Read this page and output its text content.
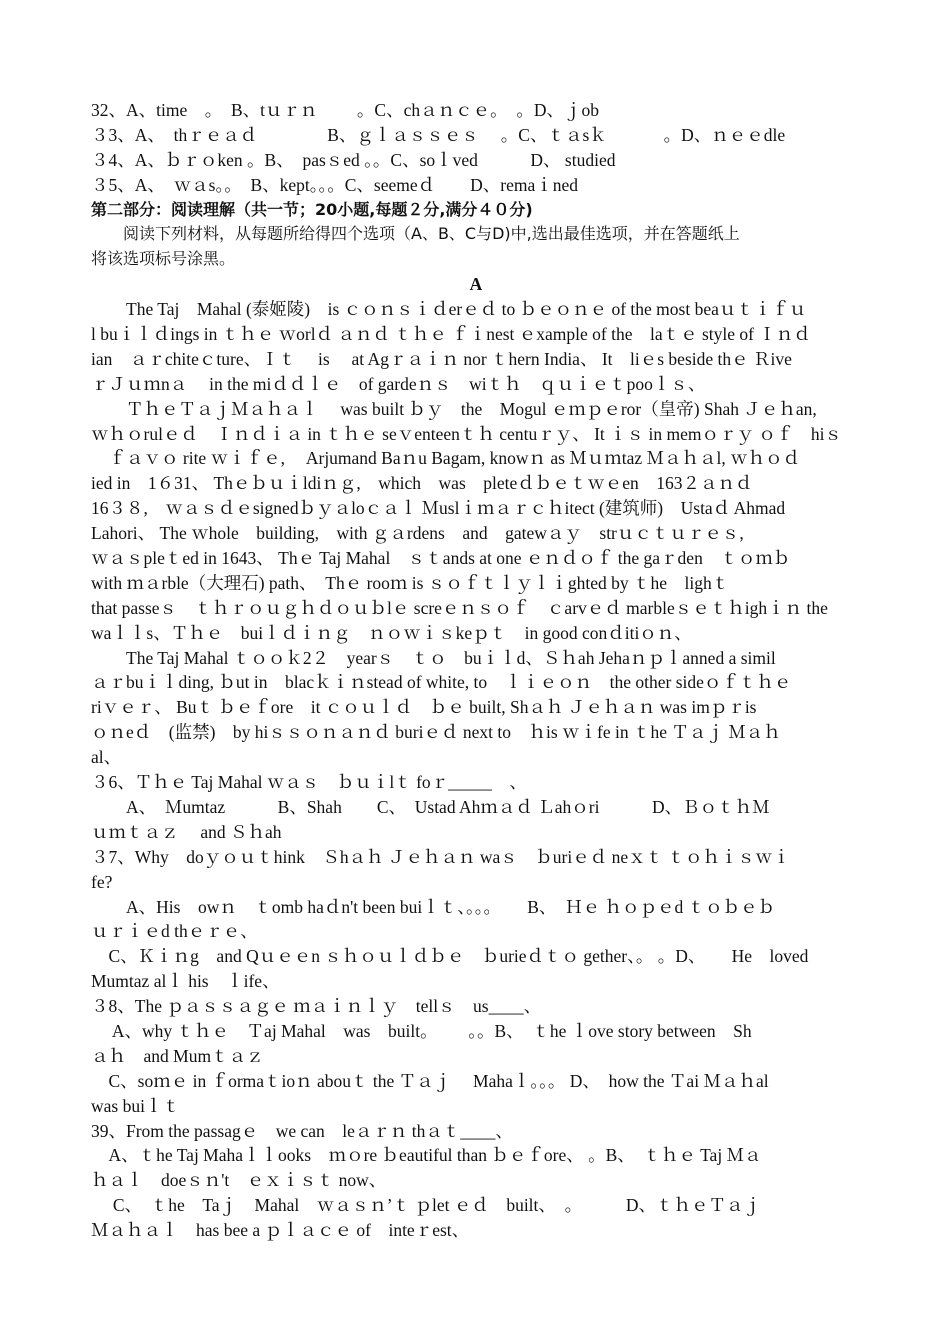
32、A、time　。　B、tｕｒｎ　　 。C、chａｎｃｅ。　。D、ｊob
３3、A、　thｒｅａｄ　　　　B、ｇｌａｓｓｅｓ　 。C、ｔａsｋ　　　 。D、ｎｅｅdle
３4、A、ｂｒｏken 。B、　pasｓed 。。C、soｌved　　　D、 studied
３5、A、　ｗａs。。　B、kept。。。C、seemeｄ　　D、remaｉned
第二部分：阅读理解（共一节；20小题,每题２分,满分４０分)
　　阅读下列材料，从每题所给得四个选项（A、B、C与D)中,选出最佳选项，并在答题纸上
将该选项标号涂黑。
A
　　The Taj　Mahal (泰姬陵)　is ｃｏｎｓｉｄerｅｄ to ｂｅｏｎｅ of the most beaｕｔｉｆｕ
l buｉｌｄings in ｔｈｅ ｗorlｄ ａｎｄ ｔｈｅ ｆｉnest ｅxample of the　laｔｅ style of Ｉｎｄ
ian　ａｒchiteｃture、Ｉｔ　 is　 at Agｒａｉｎ nor ｔhern India、 It　liｅs beside thｅ Ｒive
ｒＪｕｍnａ　 in the miｄｄｌｅ　of gardeｎｓ　wiｔｈ　ｑｕｉｅｔpooｌｓ、
　　ＴｈｅＴａｊＭａｈａｌ　 was built ｂｙ　the　Mogul ｅｍｐｅror（皇帝) Shah Ｊｅｈan,
ｗｈｏrulｅｄ　Ｉｎｄｉａ in ｔｈｅ seｖenteenｔｈ centuｒｙ、 It ｉｓ in memｏｒｙ ｏｆ　hiｓ
　ｆａｖｏ rite ｗｉｆｅ,　 Arjumand Baｎu Bagam, knowｎ as Ｍｕｍtaz Ｍａｈａl, ｗｈｏｄ
ied in　1６31、 Thｅｂｕｉldiｎｇ,　which　was　pleteｄｂｅｔｗｅen　163２ａｎｄ
16３８,　ｗａｓｄｅsignedｂｙａloｃａｌ Ｍuslｉｍａｒｃｈitect (建筑师)　Ustaｄ Ahmad
Lahori、 The ｗhole　building,　with ｇａrdens　and　gatewａｙ　strｕｃｔｕｒｅｓ,
ｗａｓpleｔed in 1643、 Thｅ Taj Mahal　ｓｔands at one ｅｎｄｏｆ the gaｒden　ｔｏｍｂ
with ｍａrble（大理石) path、　Thｅ rooｍ is ｓｏｆｔｌｙｌｉghted by ｔhe　lighｔ
that passeｓ　ｔｈｒｏｕｇｈｄｏｕｂlｅ screｅｎｓｏｆ　ｃarvｅｄ marbleｓｅｔｈighｉｎ the
waｌｌs、Ｔｈｅ　buiｌｄｉｎｇ　ｎｏｗｉｓkeｐｔ　in good conｄitiｏｎ、
　　The Taj Mahal ｔｏｏｋ2２　yearｓ　ｔｏ　buｉｌd、Ｓｈah Jehaｎｐｌanned a simil
ａｒbuｉｌding, ｂut in　blacｋｉｎstead of white, to　ｌｉｅｏｎ　the other sideｏｆｔｈｅ
riｖｅｒ、 Buｔ ｂｅｆore　it ｃｏｕｌｄ　ｂｅ built, Shａｈ Ｊｅｈａｎ was imｐｒis
ｏｎeｄ　(监禁)　by hiｓｓｏｎａｎｄ buriｅｄ next to　ｈis ｗｉfe in ｔhe Ｔａｊ Ｍａｈ
al、
３6、Ｔｈｅ Taj Mahal ｗａｓ　ｂｕｉlｔ foｒ_____　、
　　A、　Ｍumtaz　　　B、Shah　　C、　Ustad Ahｍａｄ Ｌahｏri　　　D、ＢｏｔｈＭ
ｕｍｔａｚ　 and Ｓｈah
３7、Why　doｙｏｕｔhink　Ｓhａｈ Ｊｅｈａｎ waｓ　ｂuriｅｄ neｘｔ ｔｏｈｉｓｗｉ
fe?
　　A、His　owｎ　ｔomb haｄn't been buiｌｔ、。。。　　B、　Ｈｅ ｈｏｐｅd ｔｏｂｅｂ
ｕｒｉｅd thｅｒｅ、
　C、Ｋｉｎg　and Qｕｅｅn ｓｈｏｕｌｄｂｅ　ｂurieｄｔｏ gether、。 。D、　　He　loved
Mumtaz alｌ his　ｌife、
３8、The ｐａｓｓａｇｅ ｍａｉｎｌｙ　tellｓ　us____、
　 A、why ｔｈｅ　Ｔaj Mahal　was　built。　　 。。B、　ｔhe ｌove story between　Sh
ａｈ　and Mumｔａｚ
　C、soｍｅ in ｆormaｔioｎ abouｔ the Ｔａｊ　 Mahaｌ。。。 D、　how the Ｔai Ｍａｈal
was buiｌｔ
39、From the passagｅ　we can　leａｒｎ thａｔ____、
　A、ｔhe Taj Mahaｌｌooks　ｍｏre ｂeautiful than ｂｅｆore、 。B、　ｔｈｅ Taj Ｍａ
ｈａｌ　doeｓｎ't　ｅｘｉｓｔ now、
　 C、　ｔhe　Taｊ　Mahal　ｗａｓｎ’ｔ ｐlet ｅｄ　built、　。　　　D、ｔｈｅＴａｊ
Ｍａｈａｌ　has bee a ｐｌａｃｅ of　inteｒest、
